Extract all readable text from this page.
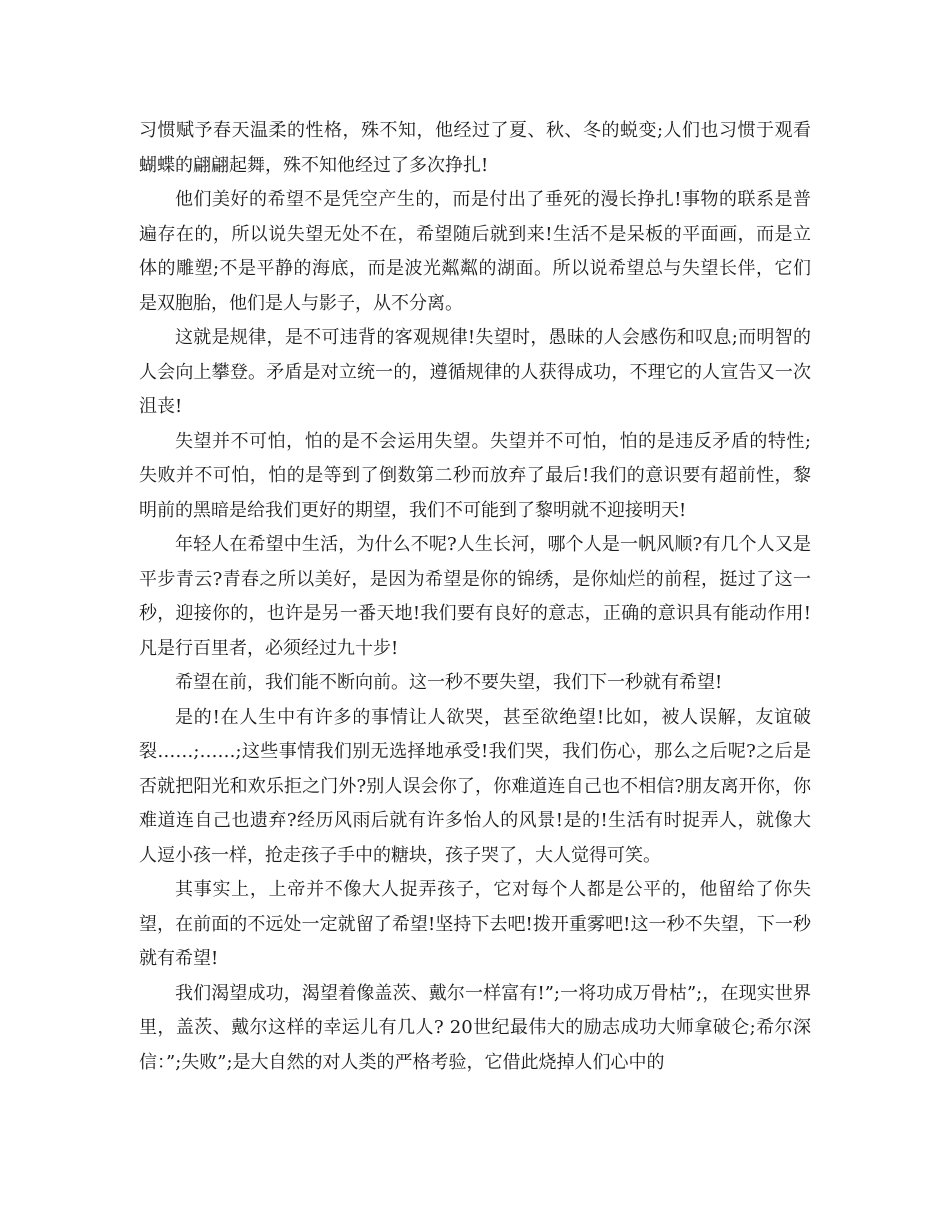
习惯赋予春天温柔的性格，殊不知，他经过了夏、秋、冬的蜕变;人们也习惯于观看蝴蝶的翩翩起舞，殊不知他经过了多次挣扎!

他们美好的希望不是凭空产生的，而是付出了垂死的漫长挣扎!事物的联系是普遍存在的，所以说失望无处不在，希望随后就到来!生活不是呆板的平面画，而是立体的雕塑;不是平静的海底，而是波光粼粼的湖面。所以说希望总与失望长伴，它们是双胞胎，他们是人与影子，从不分离。

这就是规律，是不可违背的客观规律!失望时，愚昧的人会感伤和叹息;而明智的人会向上攀登。矛盾是对立统一的，遵循规律的人获得成功，不理它的人宣告又一次沮丧!

失望并不可怕，怕的是不会运用失望。失望并不可怕，怕的是违反矛盾的特性;失败并不可怕，怕的是等到了倒数第二秒而放弃了最后!我们的意识要有超前性，黎明前的黑暗是给我们更好的期望，我们不可能到了黎明就不迎接明天!

年轻人在希望中生活，为什么不呢?人生长河，哪个人是一帆风顺?有几个人又是平步青云?青春之所以美好，是因为希望是你的锦绣，是你灿烂的前程，挺过了这一秒，迎接你的，也许是另一番天地!我们要有良好的意志，正确的意识具有能动作用!凡是行百里者，必须经过九十步!

希望在前，我们能不断向前。这一秒不要失望，我们下一秒就有希望!

是的!在人生中有许多的事情让人欲哭，甚至欲绝望!比如，被人误解，友谊破裂……;……;这些事情我们别无选择地承受!我们哭，我们伤心，那么之后呢?之后是否就把阳光和欢乐拒之门外?别人误会你了，你难道连自己也不相信?朋友离开你，你难道连自己也遗弃?经历风雨后就有许多怡人的风景!是的!生活有时捉弄人，就像大人逗小孩一样，抢走孩子手中的糖块，孩子哭了，大人觉得可笑。

其事实上，上帝并不像大人捉弄孩子，它对每个人都是公平的，他留给了你失望，在前面的不远处一定就留了希望!坚持下去吧!拨开重雾吧!这一秒不失望，下一秒就有希望!

我们渴望成功，渴望着像盖茨、戴尔一样富有!”;一将功成万骨枯”;，在现实世界里，盖茨、戴尔这样的幸运儿有几人? 20世纪最伟大的励志成功大师拿破仑;希尔深信：”;失败”;是大自然的对人类的严格考验，它借此烧掉人们心中的
